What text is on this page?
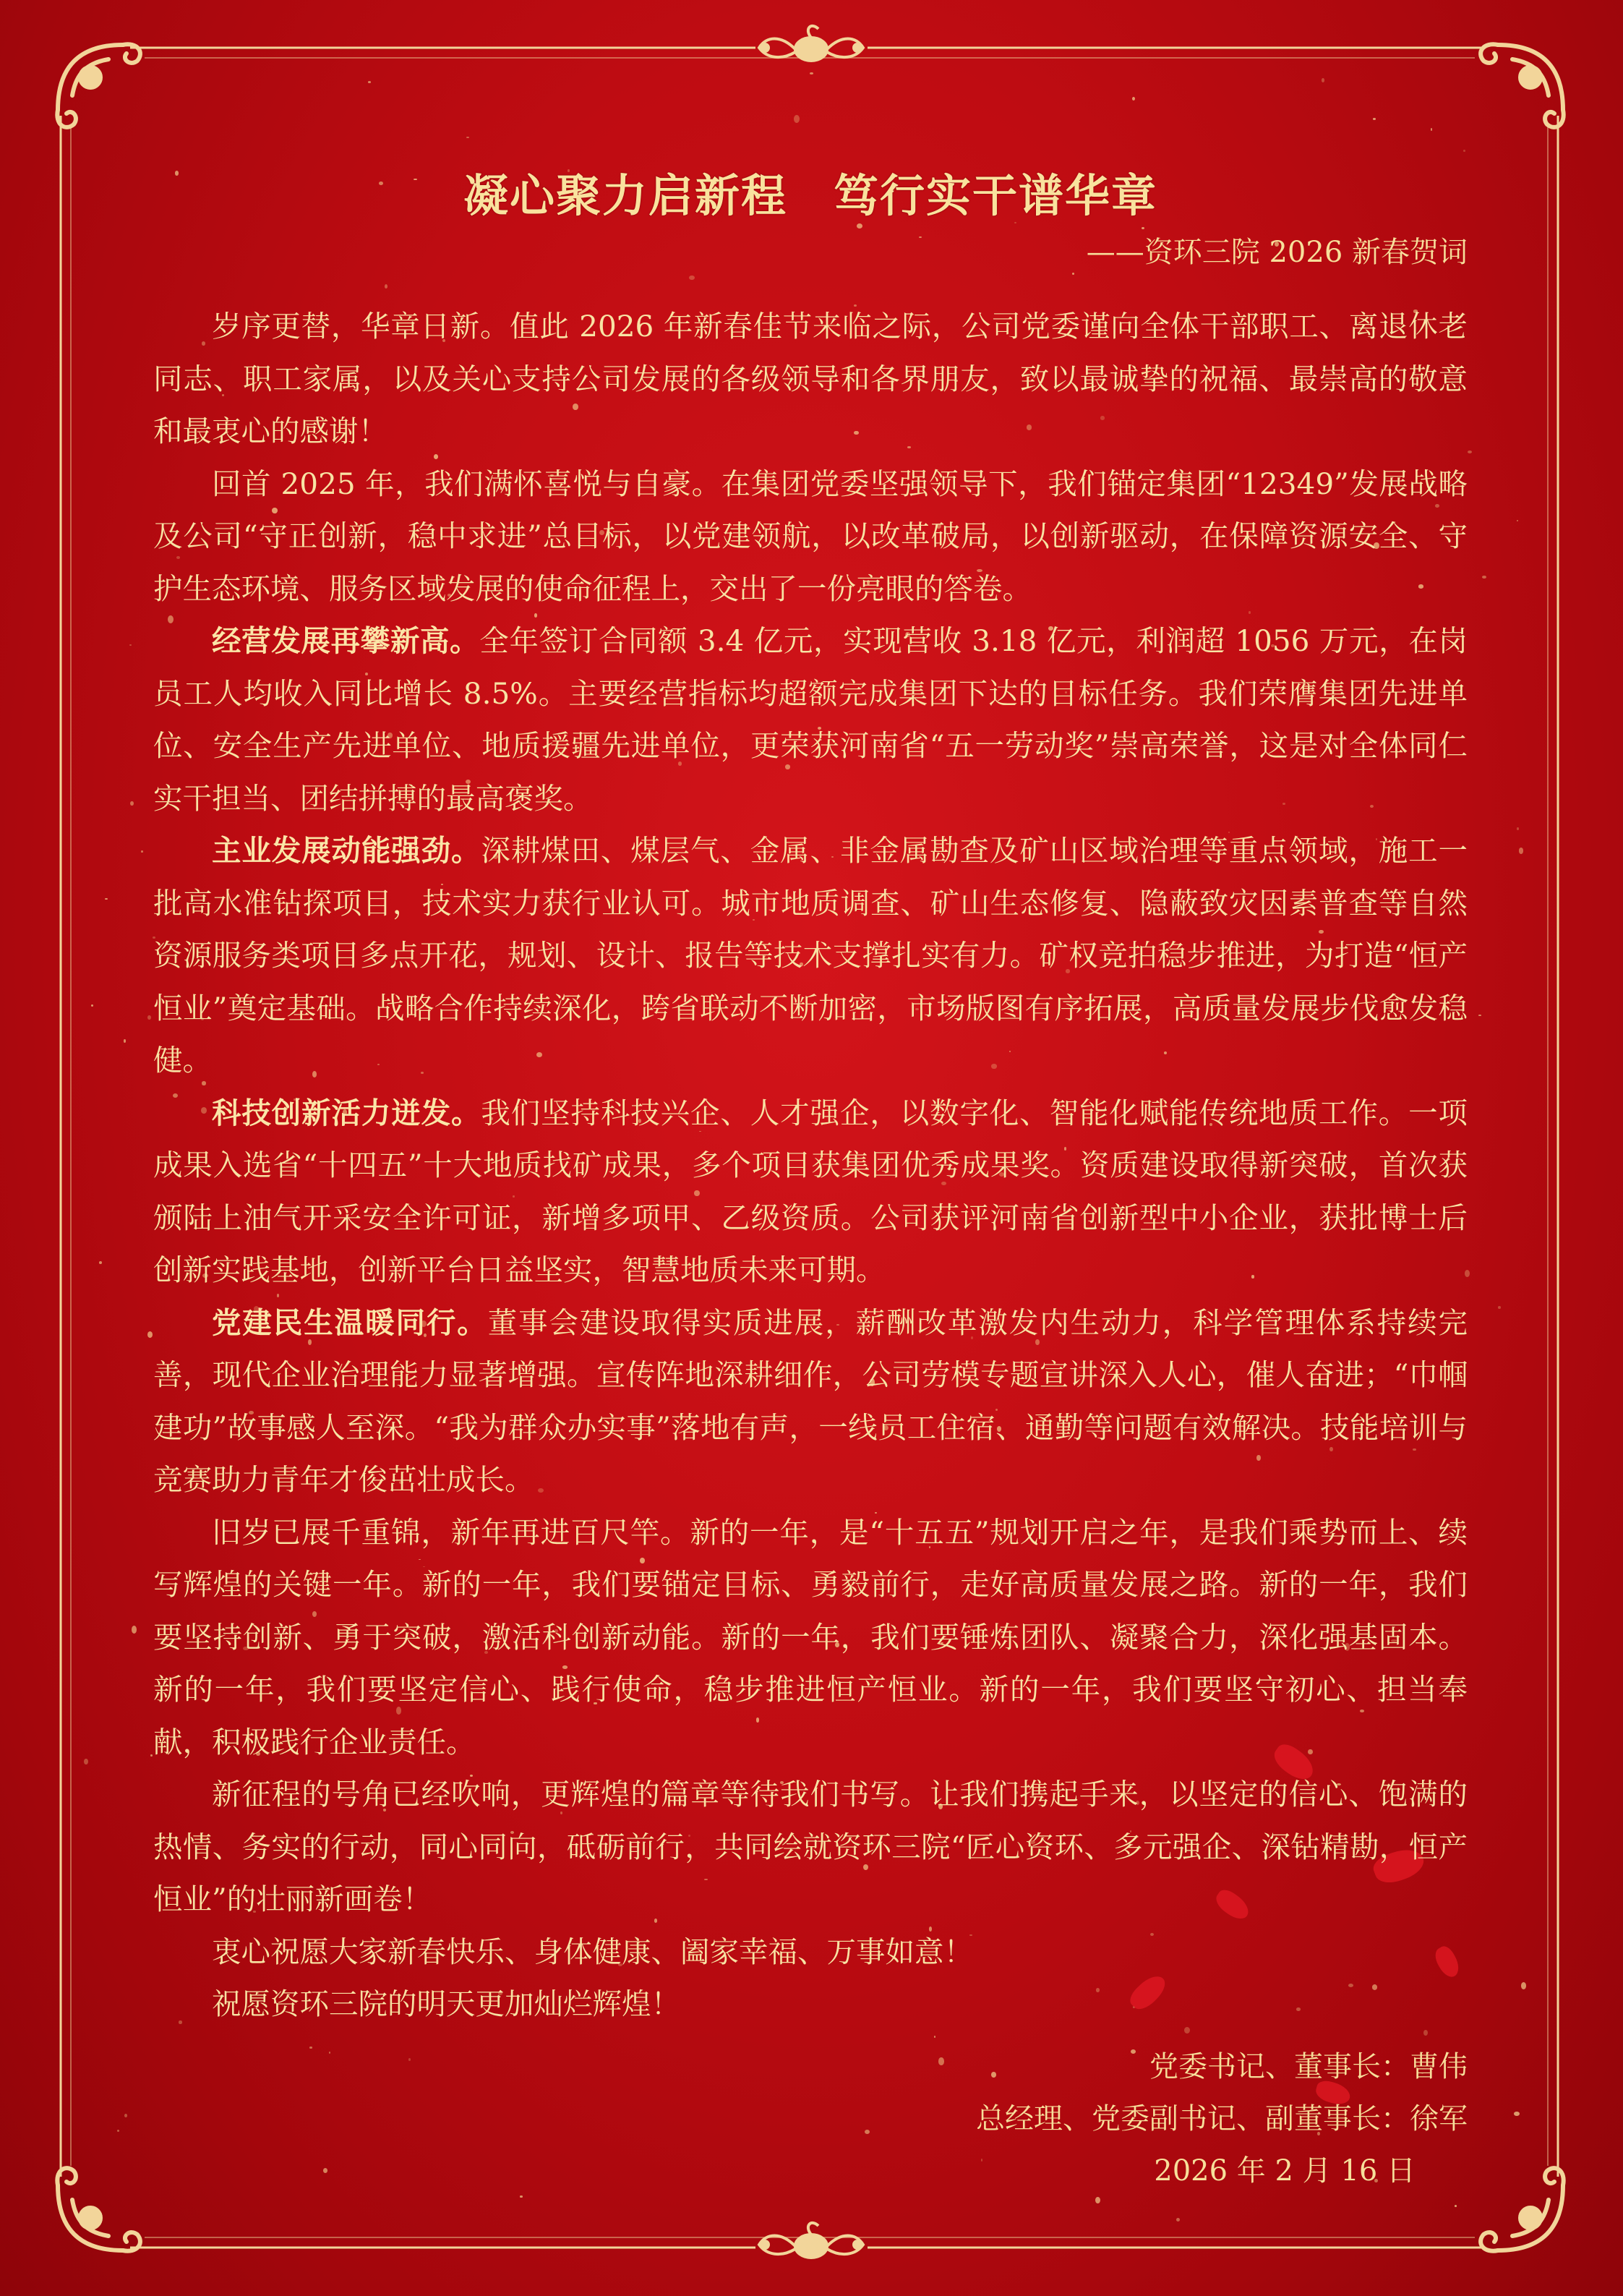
凝心聚力启新程　笃行实干谱华章

——资环三院 2026 新春贺词

岁序更替，华章日新。值此 2026 年新春佳节来临之际，公司党委谨向全体干部职工、离退休老同志、职工家属，以及关心支持公司发展的各级领导和各界朋友，致以最诚挚的祝福、最崇高的敬意和最衷心的感谢！

回首 2025 年，我们满怀喜悦与自豪。在集团党委坚强领导下，我们锚定集团“12349”发展战略及公司“守正创新，稳中求进”总目标，以党建领航，以改革破局，以创新驱动，在保障资源安全、守护生态环境、服务区域发展的使命征程上，交出了一份亮眼的答卷。

经营发展再攀新高。全年签订合同额 3.4 亿元，实现营收 3.18 亿元，利润超 1056 万元，在岗员工人均收入同比增长 8.5%。主要经营指标均超额完成集团下达的目标任务。我们荣膺集团先进单位、安全生产先进单位、地质援疆先进单位，更荣获河南省“五一劳动奖”崇高荣誉，这是对全体同仁实干担当、团结拼搏的最高褒奖。

主业发展动能强劲。深耕煤田、煤层气、金属、非金属勘查及矿山区域治理等重点领域，施工一批高水准钻探项目，技术实力获行业认可。城市地质调查、矿山生态修复、隐蔽致灾因素普查等自然资源服务类项目多点开花，规划、设计、报告等技术支撑扎实有力。矿权竞拍稳步推进，为打造“恒产恒业”奠定基础。战略合作持续深化，跨省联动不断加密，市场版图有序拓展，高质量发展步伐愈发稳健。

科技创新活力迸发。我们坚持科技兴企、人才强企，以数字化、智能化赋能传统地质工作。一项成果入选省“十四五”十大地质找矿成果，多个项目获集团优秀成果奖。资质建设取得新突破，首次获颁陆上油气开采安全许可证，新增多项甲、乙级资质。公司获评河南省创新型中小企业，获批博士后创新实践基地，创新平台日益坚实，智慧地质未来可期。

党建民生温暖同行。董事会建设取得实质进展，薪酬改革激发内生动力，科学管理体系持续完善，现代企业治理能力显著增强。宣传阵地深耕细作，公司劳模专题宣讲深入人心，催人奋进；“巾帼建功”故事感人至深。“我为群众办实事”落地有声，一线员工住宿、通勤等问题有效解决。技能培训与竞赛助力青年才俊茁壮成长。

旧岁已展千重锦，新年再进百尺竿。新的一年，是“十五五”规划开启之年，是我们乘势而上、续写辉煌的关键一年。新的一年，我们要锚定目标、勇毅前行，走好高质量发展之路。新的一年，我们要坚持创新、勇于突破，激活科创新动能。新的一年，我们要锤炼团队、凝聚合力，深化强基固本。新的一年，我们要坚定信心、践行使命，稳步推进恒产恒业。新的一年，我们要坚守初心、担当奉献，积极践行企业责任。

新征程的号角已经吹响，更辉煌的篇章等待我们书写。让我们携起手来，以坚定的信心、饱满的热情、务实的行动，同心同向，砥砺前行，共同绘就资环三院“匠心资环、多元强企、深钻精勘，恒产恒业”的壮丽新画卷！

衷心祝愿大家新春快乐、身体健康、阖家幸福、万事如意！

祝愿资环三院的明天更加灿烂辉煌！

党委书记、董事长：曹伟

总经理、党委副书记、副董事长：徐军

2026 年 2 月 16 日
